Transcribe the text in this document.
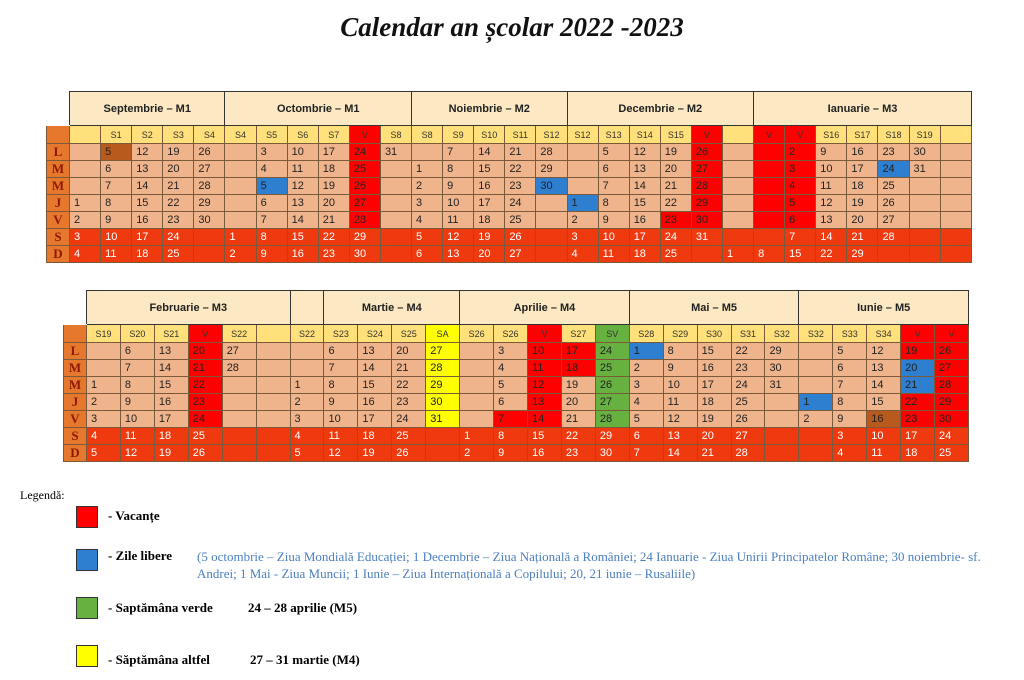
Calendar an școlar 2022 -2023
	Septembrie – M1					Octombrie – M1						Noiembrie – M2					Decembrie – M2						Ianuarie – M3						
		S1	S2	S3	S4	S4	S5	S6	S7	V	S8	S8	S9	S10	S11	S12	S12	S13	S14	S15	V		V	V	S16	S17	S18	S19	
L		5	12	19	26		3	10	17	24	31		7	14	21	28		5	12	19	26			2	9	16	23	30	
M		6	13	20	27		4	11	18	25		1	8	15	22	29		6	13	20	27			3	10	17	24	31	
M		7	14	21	28		5	12	19	26		2	9	16	23	30		7	14	21	28			4	11	18	25		
J	1	8	15	22	29		6	13	20	27		3	10	17	24		1	8	15	22	29			5	12	19	26		
V	2	9	16	23	30		7	14	21	28		4	11	18	25		2	9	16	23	30			6	13	20	27		
S	3	10	17	24		1	8	15	22	29		5	12	19	26		3	10	17	24	31			7	14	21	28		
D	4	11	18	25		2	9	16	23	30		6	13	20	27		4	11	18	25		1	8	15	22	29			
	Februarie – M3							Martie – M4				Aprilie – M4					Mai – M5					Iunie – M5				
	S19	S20	S21	V	S22		S22	S23	S24	S25	SA	S26	S26	V	S27	SV	S28	S29	S30	S31	S32	S32	S33	S34	V	V
L		6	13	20	27			6	13	20	27		3	10	17	24	1	8	15	22	29		5	12	19	26
M		7	14	21	28			7	14	21	28		4	11	18	25	2	9	16	23	30		6	13	20	27
M	1	8	15	22			1	8	15	22	29		5	12	19	26	3	10	17	24	31		7	14	21	28
J	2	9	16	23			2	9	16	23	30		6	13	20	27	4	11	18	25		1	8	15	22	29
V	3	10	17	24			3	10	17	24	31		7	14	21	28	5	12	19	26		2	9	16	23	30
S	4	11	18	25			4	11	18	25		1	8	15	22	29	6	13	20	27			3	10	17	24
D	5	12	19	26			5	12	19	26		2	9	16	23	30	7	14	21	28			4	11	18	25
Legendă:
- Vacanțe
- Zile libere (5 octombrie – Ziua Mondială Educației; 1 Decembrie – Ziua Națională a României; 24 Ianuarie - Ziua Unirii Principatelor Române; 30 noiembrie- sf. Andrei; 1 Mai - Ziua Muncii; 1 Iunie – Ziua Internațională a Copilului; 20, 21 iunie – Rusaliile)
- Saptămâna verde	24 – 28 aprilie (M5)
- Săptămâna altfel	27 – 31 martie (M4)
